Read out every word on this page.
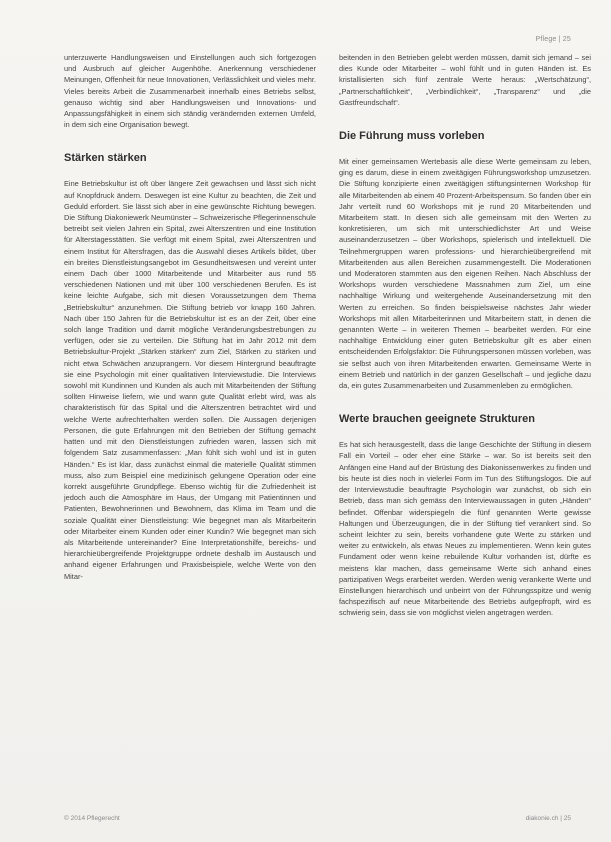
Pflege | 25

unterzuwerte Handlungsweisen und Einstellungen auch sich fortgezogen und Ausbruch auf gleicher Augenhöhe. Anerkennung verschiedener Meinungen, Offenheit für neue Innovationen, Verlässlichkeit und vieles mehr. Vieles bereits Arbeit die Zusammenarbeit innerhalb eines Betriebs selbst, genauso wichtig sind aber Handlungsweisen und Innovations- und Anpassungsfähigkeit in einem sich ständig verändernden externen Umfeld, in dem sich eine Organisation bewegt.

Stärken stärken

Eine Betriebskultur ist oft über längere Zeit gewachsen und lässt sich nicht auf Knopfdruck ändern. Deswegen ist eine Kultur zu beachten, die Zeit und Geduld erfordert. Sie lässt sich aber in eine gewünschte Richtung bewegen. Die Stiftung Diakoniewerk Neumünster – Schweizerische Pflegerinnenschule betreibt seit vielen Jahren ein Spital, zwei Alterszentren und eine Institution für Alterstagesstätten. Sie verfügt mit einem Spital, zwei Alterszentren und einem Institut für Altersfragen, das die Auswahl dieses Artikels bildet, über ein breites Dienstleistungsangebot im Gesundheitswesen und vereint unter einem Dach über 1000 Mitarbeitende und Mitarbeiter aus rund 55 verschiedenen Nationen und mit über 100 verschiedenen Berufen. Es ist keine leichte Aufgabe, sich mit diesen Voraussetzungen dem Thema „Betriebskultur“ anzunehmen. Die Stiftung betrieb vor knapp 160 Jahren. Nach über 150 Jahren für die Betriebskultur ist es an der Zeit, über eine solch lange Tradition und damit mögliche Veränderungsbestrebungen zu verfügen, oder sie zu verteilen. Die Stiftung hat im Jahr 2012 mit dem Betriebskultur-Projekt „Stärken stärken“ zum Ziel, Stärken zu stärken und nicht etwa Schwächen anzuprangern. Vor diesem Hintergrund beauftragte sie eine Psychologin mit einer qualitativen Interviewstudie. Die Interviews sowohl mit Kundinnen und Kunden als auch mit Mitarbeitenden der Stiftung sollten Hinweise liefern, wie und wann gute Qualität erlebt wird, was als charakteristisch für das Spital und die Alterszentren betrachtet wird und welche Werte aufrechterhalten werden sollen. Die Aussagen derjenigen Personen, die gute Erfahrungen mit den Betrieben der Stiftung gemacht hatten und mit den Dienstleistungen zufrieden waren, lassen sich mit folgendem Satz zusammenfassen: „Man fühlt sich wohl und ist in guten Händen.“ Es ist klar, dass zunächst einmal die materielle Qualität stimmen muss, also zum Beispiel eine medizinisch gelungene Operation oder eine korrekt ausgeführte Grundpflege. Ebenso wichtig für die Zufriedenheit ist jedoch auch die Atmosphäre im Haus, der Umgang mit Patientinnen und Patienten, Bewohnerinnen und Bewohnern, das Klima im Team und die soziale Qualität einer Dienstleistung: Wie begegnet man als Mitarbeiterin oder Mitarbeiter einem Kunden oder einer Kundin? Wie begegnet man sich als Mitarbeitende untereinander? Eine Interpretationshilfe, bereichs- und hierarchieübergreifende Projektgruppe ordnete deshalb im Austausch und anhand eigener Erfahrungen und Praxisbeispiele, welche Werte von den Mitar-

beitenden in den Betrieben gelebt werden müssen, damit sich jemand – sei dies Kunde oder Mitarbeiter – wohl fühlt und in guten Händen ist. Es kristallisierten sich fünf zentrale Werte heraus: „Wertschätzung“, „Partnerschaftlichkeit“, „Verbindlichkeit“, „Transparenz“ und „die Gastfreundschaft“.

Die Führung muss vorleben

Mit einer gemeinsamen Wertebasis alle diese Werte gemeinsam zu leben, ging es darum, diese in einem zweitägigen Führungsworkshop umzusetzen. Die Stiftung konzipierte einen zweitägigen stiftungsinternen Workshop für alle Mitarbeitenden ab einem 40 Prozent-Arbeitspensum. So fanden über ein Jahr verteilt rund 60 Workshops mit je rund 20 Mitarbeitenden und Mitarbeitern statt. In diesen sich alle gemeinsam mit den Werten zu konkretisieren, um sich mit unterschiedlichster Art und Weise auseinanderzusetzen – über Workshops, spielerisch und intellektuell. Die Teilnehmergruppen waren professions- und hierarchieübergreifend mit Mitarbeitenden aus allen Bereichen zusammengestellt. Die Moderationen und Moderatoren stammten aus den eigenen Reihen. Nach Abschluss der Workshops wurden verschiedene Massnahmen zum Ziel, um eine nachhaltige Wirkung und weitergehende Auseinandersetzung mit den Werten zu erreichen. So finden beispielsweise nächstes Jahr wieder Workshops mit allen Mitarbeiterinnen und Mitarbeitern statt, in denen die genannten Werte – in weiteren Themen – bearbeitet werden. Für eine nachhaltige Entwicklung einer guten Betriebskultur gilt es aber einen entscheidenden Erfolgsfaktor: Die Führungspersonen müssen vorleben, was sie selbst auch von ihren Mitarbeitenden erwarten. Gemeinsame Werte in einem Betrieb und natürlich in der ganzen Gesellschaft – und jegliche dazu da, ein gutes Zusammenarbeiten und Zusammenleben zu ermöglichen.

Werte brauchen geeignete Strukturen

Es hat sich herausgestellt, dass die lange Geschichte der Stiftung in diesem Fall ein Vorteil – oder eher eine Stärke – war. So ist bereits seit den Anfängen eine Hand auf der Brüstung des Diakonissenwerkes zu finden und bis heute ist dies noch in vielerlei Form im Tun des Stiftungslogos. Die auf der Interviewstudie beauftragte Psychologin war zunächst, ob sich ein Betrieb, dass man sich gemäss den Interviewaussagen in guten „Händen“ befindet. Offenbar widerspiegeln die fünf genannten Werte gewisse Haltungen und Überzeugungen, die in der Stiftung tief verankert sind. So scheint leichter zu sein, bereits vorhandene gute Werte zu stärken und weiter zu entwickeln, als etwas Neues zu implementieren. Wenn kein gutes Fundament oder wenn keine rebuilende Kultur vorhanden ist, dürfte es meistens klar machen, dass gemeinsame Werte sich anhand eines partizipativen Wegs erarbeitet werden. Werden wenig verankerte Werte und Einstellungen hierarchisch und unbeirrt von der Führungsspitze und wenig fachspezifisch auf neue Mitarbeitende des Betriebs aufgepfropft, wird es schwierig sein, dass sie von möglichst vielen angetragen werden.

© 2014 Pflegerecht	diakonie.ch | 25
